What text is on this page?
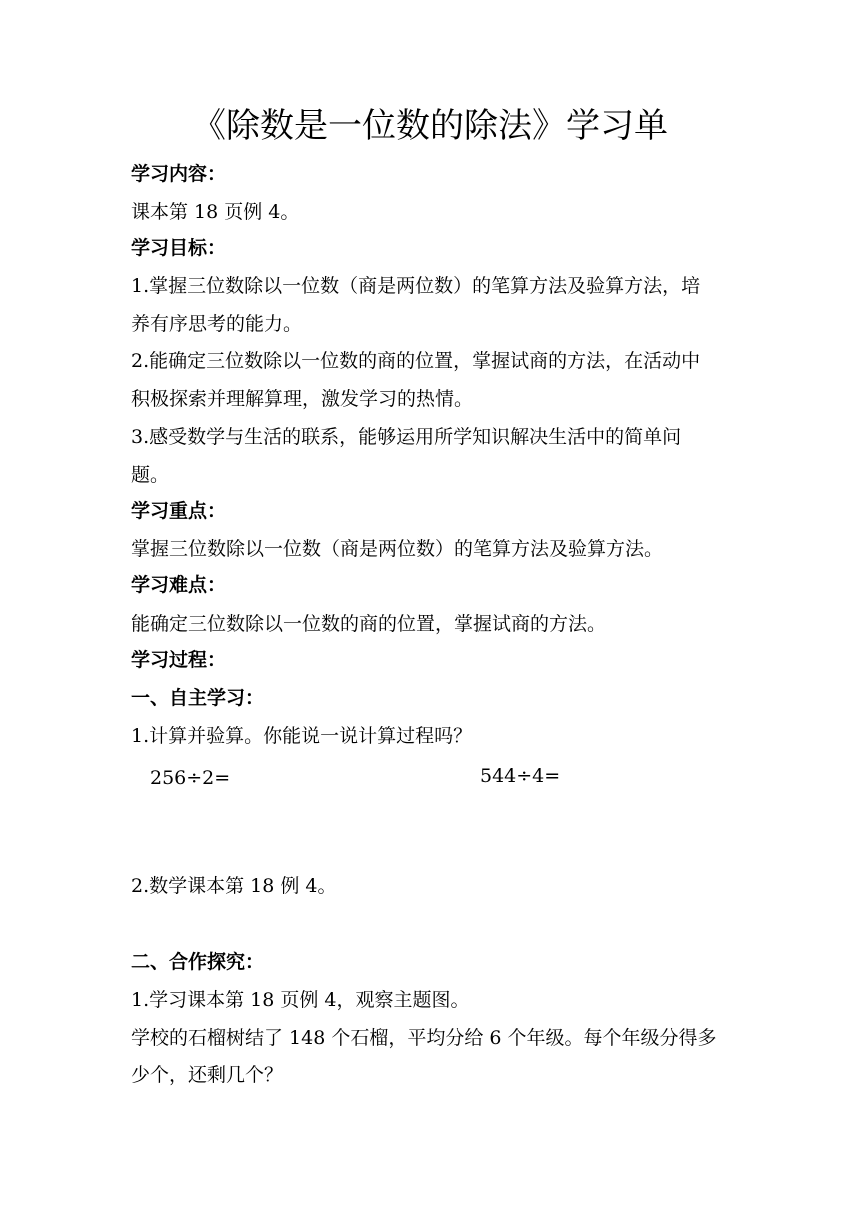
《除数是一位数的除法》学习单
学习内容：
课本第 18 页例 4。
学习目标：
1.掌握三位数除以一位数（商是两位数）的笔算方法及验算方法，培
养有序思考的能力。
2.能确定三位数除以一位数的商的位置，掌握试商的方法，在活动中
积极探索并理解算理，激发学习的热情。
3.感受数学与生活的联系，能够运用所学知识解决生活中的简单问
题。
学习重点：
掌握三位数除以一位数（商是两位数）的笔算方法及验算方法。
学习难点：
能确定三位数除以一位数的商的位置，掌握试商的方法。
学习过程：
一、自主学习：
1.计算并验算。你能说一说计算过程吗？
256÷2=	544÷4=
2.数学课本第 18 例 4。
二、合作探究：
1.学习课本第 18 页例 4，观察主题图。
学校的石榴树结了 148 个石榴，平均分给 6 个年级。每个年级分得多
少个，还剩几个？
